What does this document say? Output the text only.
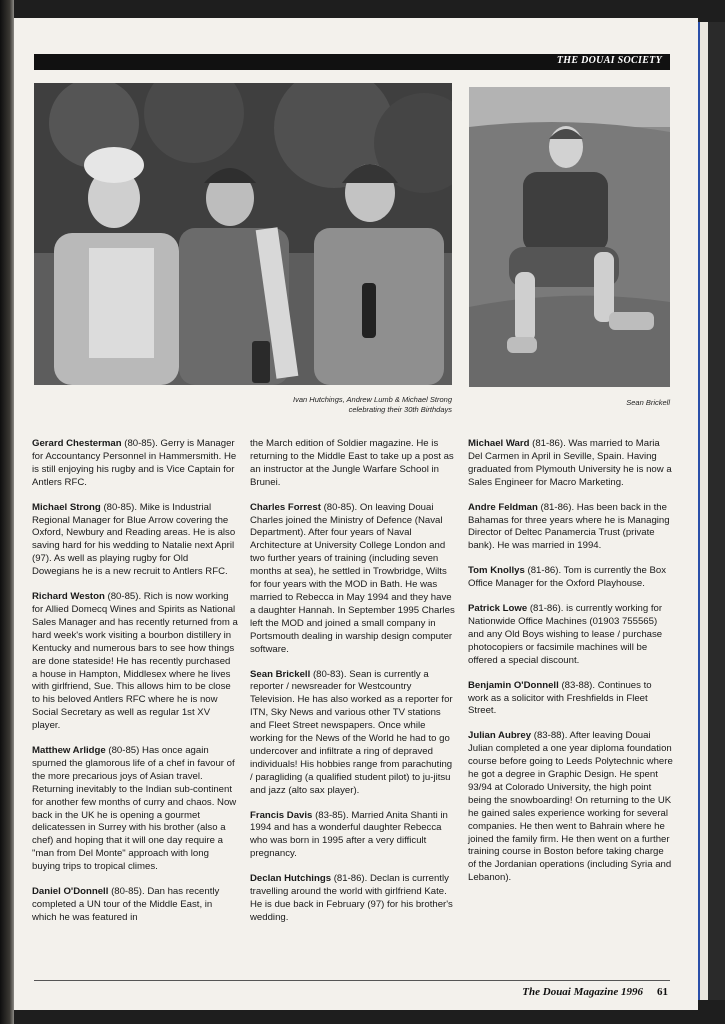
THE DOUAI SOCIETY
Ivan Hutchings, Andrew Lumb & Michael Strong
celebrating their 30th Birthdays
Sean Brickell

Gerard Chesterman (80-85). Gerry is Manager for Accountancy Personnel in Hammersmith. He is still enjoying his rugby and is Vice Captain for Antlers RFC.

Michael Strong (80-85). Mike is Industrial Regional Manager for Blue Arrow covering the Oxford, Newbury and Reading areas. He is also saving hard for his wedding to Natalie next April (97). As well as playing rugby for Old Dowegians he is a new recruit to Antlers RFC.

Richard Weston (80-85). Rich is now working for Allied Domecq Wines and Spirits as National Sales Manager and has recently returned from a hard week's work visiting a bourbon distillery in Kentucky and numerous bars to see how things are done stateside! He has recently purchased a house in Hampton, Middlesex where he lives with girlfriend, Sue. This allows him to be close to his beloved Antlers RFC where he is now Social Secretary as well as regular 1st XV player.

Matthew Arlidge (80-85) Has once again spurned the glamorous life of a chef in favour of the more precarious joys of Asian travel. Returning inevitably to the Indian sub-continent for another few months of curry and chaos. Now back in the UK he is opening a gourmet delicatessen in Surrey with his brother (also a chef) and hoping that it will one day require a "man from Del Monte" approach with long buying trips to tropical climes.

Daniel O'Donnell (80-85). Dan has recently completed a UN tour of the Middle East, in which he was featured in

the March edition of Soldier magazine. He is returning to the Middle East to take up a post as an instructor at the Jungle Warfare School in Brunei.

Charles Forrest (80-85). On leaving Douai Charles joined the Ministry of Defence (Naval Department). After four years of Naval Architecture at University College London and two further years of training (including seven months at sea), he settled in Trowbridge, Wilts for four years with the MOD in Bath. He was married to Rebecca in May 1994 and they have a daughter Hannah. In September 1995 Charles left the MOD and joined a small company in Portsmouth dealing in warship design computer software.

Sean Brickell (80-83). Sean is currently a reporter / newsreader for Westcountry Television. He has also worked as a reporter for ITN, Sky News and various other TV stations and Fleet Street newspapers. Once while working for the News of the World he had to go undercover and infiltrate a ring of depraved individuals! His hobbies range from parachuting / paragliding (a qualified student pilot) to ju-jitsu and jazz (alto sax player).

Francis Davis (83-85). Married Anita Shanti in 1994 and has a wonderful daughter Rebecca who was born in 1995 after a very difficult pregnancy.

Declan Hutchings (81-86). Declan is currently travelling around the world with girlfriend Kate. He is due back in February (97) for his brother's wedding.

Michael Ward (81-86). Was married to Maria Del Carmen in April in Seville, Spain. Having graduated from Plymouth University he is now a Sales Engineer for Macro Marketing.

Andre Feldman (81-86). Has been back in the Bahamas for three years where he is Managing Director of Deltec Panamercia Trust (private bank). He was married in 1994.

Tom Knollys (81-86). Tom is currently the Box Office Manager for the Oxford Playhouse.

Patrick Lowe (81-86). is currently working for Nationwide Office Machines (01903 755565) and any Old Boys wishing to lease / purchase photocopiers or facsimile machines will be offered a special discount.

Benjamin O'Donnell (83-88). Continues to work as a solicitor with Freshfields in Fleet Street.

Julian Aubrey (83-88). After leaving Douai Julian completed a one year diploma foundation course before going to Leeds Polytechnic where he got a degree in Graphic Design. He spent 93/94 at Colorado University, the high point being the snowboarding! On returning to the UK he gained sales experience working for several companies. He then went to Bahrain where he joined the family firm. He then went on a further training course in Boston before taking charge of the Jordanian operations (including Syria and Lebanon).

The Douai Magazine 1996 61
